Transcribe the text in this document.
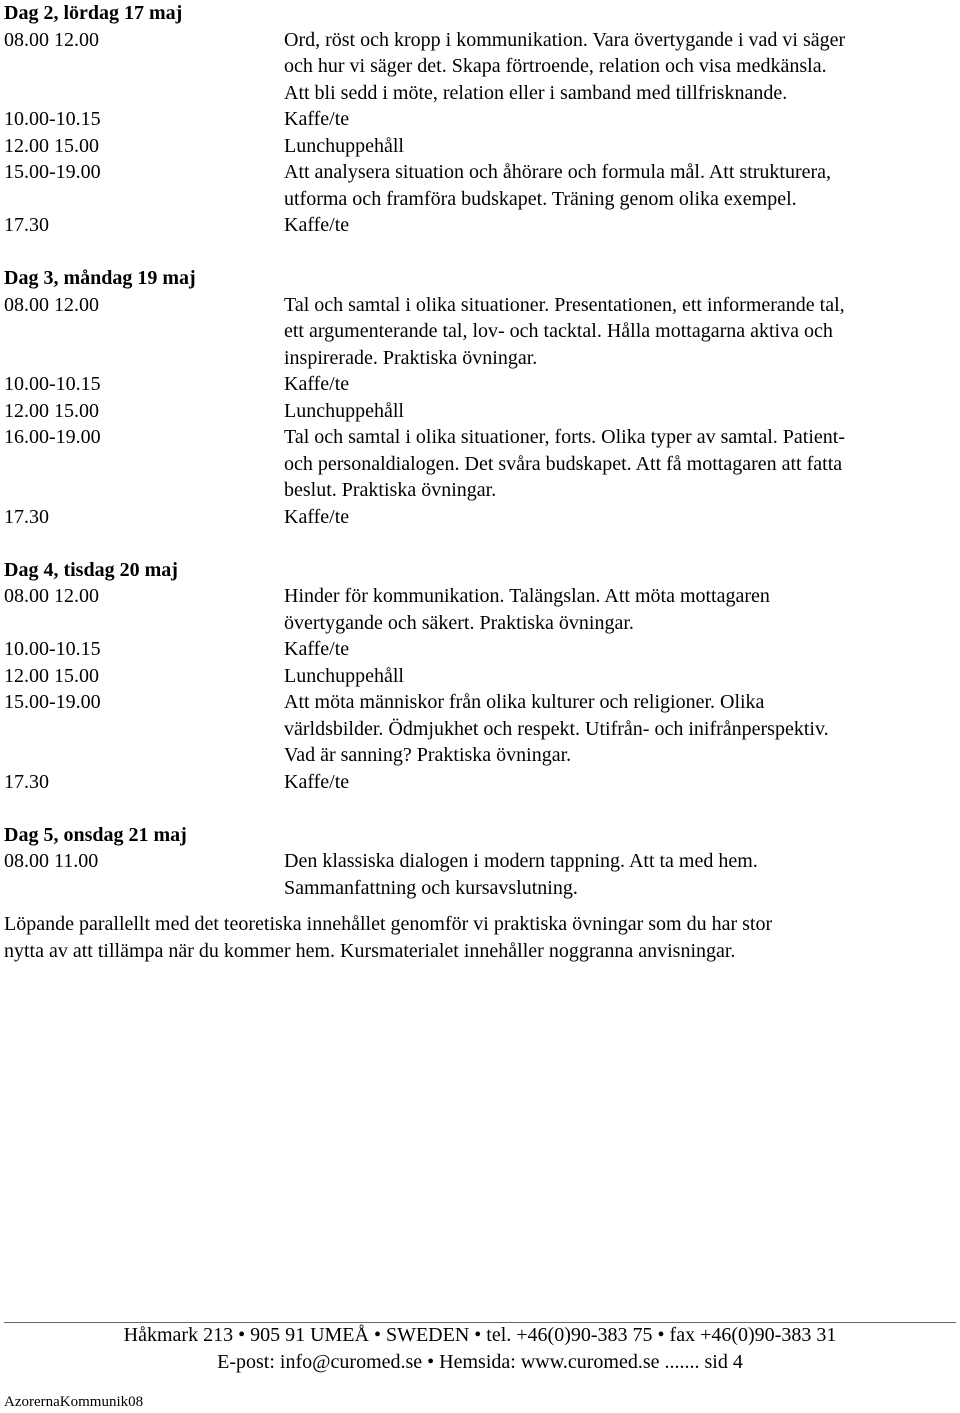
Dag 2, lördag 17 maj
08.00 12.00	Ord, röst och kropp i kommunikation. Vara övertygande i vad vi säger
och hur vi säger det. Skapa förtroende, relation och visa medkänsla.
Att bli sedd i möte, relation eller i samband med tillfrisknande.
10.00-10.15	Kaffe/te
12.00 15.00	Lunchuppehåll
15.00-19.00	Att analysera situation och åhörare och formula mål. Att strukturera,
utforma och framföra budskapet. Träning genom olika exempel.
17.30	Kaffe/te
Dag 3, måndag 19 maj
08.00 12.00	Tal och samtal i olika situationer. Presentationen, ett informerande tal,
ett argumenterande tal, lov- och tacktal. Hålla mottagarna aktiva och
inspirerade. Praktiska övningar.
10.00-10.15	Kaffe/te
12.00 15.00	Lunchuppehåll
16.00-19.00	Tal och samtal i olika situationer, forts. Olika typer av samtal. Patient-
och personaldialogen. Det svåra budskapet. Att få mottagaren att fatta
beslut. Praktiska övningar.
17.30	Kaffe/te
Dag 4, tisdag 20 maj
08.00 12.00	Hinder för kommunikation. Talängslan. Att möta mottagaren
övertygande och säkert. Praktiska övningar.
10.00-10.15	Kaffe/te
12.00 15.00	Lunchuppehåll
15.00-19.00	Att möta människor från olika kulturer och religioner. Olika
världsbilder. Ödmjukhet och respekt. Utifrån- och inifrånperspektiv.
Vad är sanning? Praktiska övningar.
17.30	Kaffe/te
Dag 5, onsdag 21 maj
08.00 11.00	Den klassiska dialogen i modern tappning. Att ta med hem.
Sammanfattning och kursavslutning.
Löpande parallellt med det teoretiska innehållet genomför vi praktiska övningar som du har stor
nytta av att tillämpa när du kommer hem. Kursmaterialet innehåller noggranna anvisningar.
Håkmark 213 • 905 91 UMEÅ • SWEDEN • tel. +46(0)90-383 75 • fax +46(0)90-383 31
E-post: info@curomed.se • Hemsida: www.curomed.se ....... sid 4
AzorernaKommunik08
